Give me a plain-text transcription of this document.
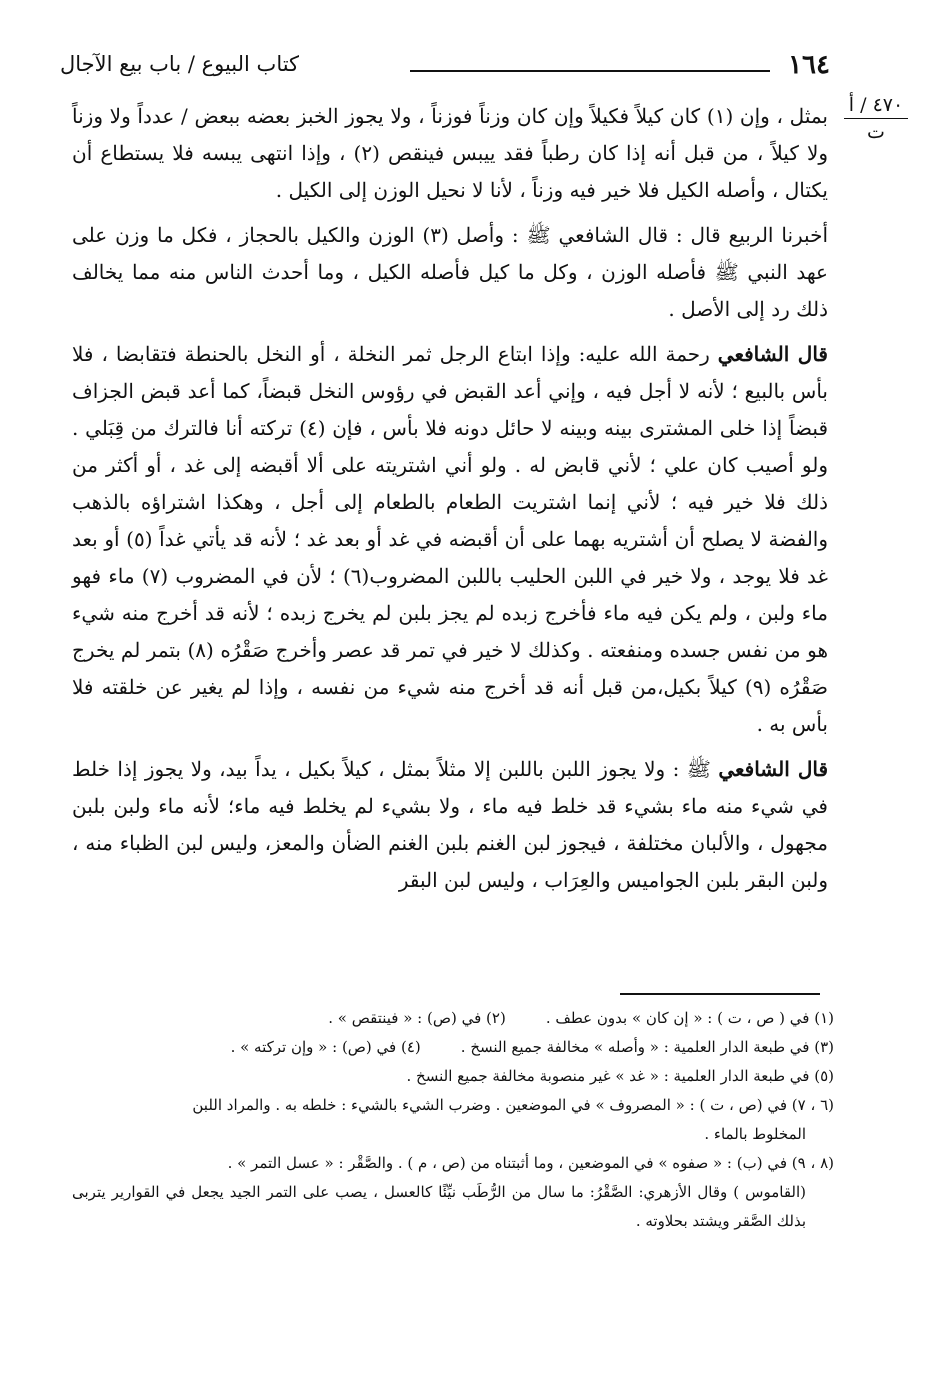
١٦٤
كتاب البيوع / باب بيع الآجال
٤٧٠ / أ
ت

بمثل ، وإن (١) كان كيلاً فكيلاً وإن كان وزناً فوزناً ، ولا يجوز الخبز بعضه ببعض / عدداً ولا وزناً ولا كيلاً ، من قبل أنه إذا كان رطباً فقد ييبس فينقص (٢) ، وإذا انتهى يبسه فلا يستطاع أن يكتال ، وأصله الكيل فلا خير فيه وزناً ، لأنا لا نحيل الوزن إلى الكيل .

أخبرنا الربيع قال : قال الشافعي ﷺ : وأصل (٣) الوزن والكيل بالحجاز ، فكل ما وزن على عهد النبي ﷺ فأصله الوزن ، وكل ما كيل فأصله الكيل ، وما أحدث الناس منه مما يخالف ذلك رد إلى الأصل .

قال الشافعي رحمة الله عليه: وإذا ابتاع الرجل ثمر النخلة ، أو النخل بالحنطة فتقابضا ، فلا بأس بالبيع ؛ لأنه لا أجل فيه ، وإني أعد القبض في رؤوس النخل قبضاً، كما أعد قبض الجزاف قبضاً إذا خلى المشترى بينه وبينه لا حائل دونه فلا بأس ، فإن (٤) تركته أنا فالترك من قِبَلي . ولو أصيب كان علي ؛ لأني قابض له . ولو أني اشتريته على ألا أقبضه إلى غد ، أو أكثر من ذلك فلا خير فيه ؛ لأني إنما اشتريت الطعام بالطعام إلى أجل ، وهكذا اشتراؤه بالذهب والفضة لا يصلح أن أشتريه بهما على أن أقبضه في غد أو بعد غد ؛ لأنه قد يأتي غداً (٥) أو بعد غد فلا يوجد ، ولا خير في اللبن الحليب باللبن المضروب(٦) ؛ لأن في المضروب (٧) ماء فهو ماء ولبن ، ولم يكن فيه ماء فأخرج زبده لم يجز بلبن لم يخرج زبده ؛ لأنه قد أخرج منه شيء هو من نفس جسده ومنفعته . وكذلك لا خير في تمر قد عصر وأخرج صَقْرُه (٨) بتمر لم يخرج صَقْرُه (٩) كيلاً بكيل،من قبل أنه قد أخرج منه شيء من نفسه ، وإذا لم يغير عن خلقته فلا بأس به .

قال الشافعي ﷺ : ولا يجوز اللبن باللبن إلا مثلاً بمثل ، كيلاً بكيل ، يداً بيد، ولا يجوز إذا خلط في شيء منه ماء بشيء قد خلط فيه ماء ، ولا بشيء لم يخلط فيه ماء؛ لأنه ماء ولبن بلبن مجهول ، والألبان مختلفة ، فيجوز لبن الغنم بلبن الغنم الضأن والمعز، وليس لبن الظباء منه ، ولبن البقر بلبن الجواميس والعِرَاب ، وليس لبن البقر

(١) في ( ص ، ت ) : « إن كان » بدون عطف .
(٢) في (ص) : « فينتقص » .
(٣) في طبعة الدار العلمية : « وأصله » مخالفة جميع النسخ .
(٤) في (ص) : « وإن تركته » .
(٥) في طبعة الدار العلمية : « غد » غير منصوبة مخالفة جميع النسخ .
(٦ ، ٧) في (ص ، ت ) : « المصروف » في الموضعين . وضرب الشيء بالشيء : خلطه به . والمراد اللبن
المخلوط بالماء .
(٨ ، ٩) في (ب) : « صفوه » في الموضعين ، وما أثبتناه من (ص ، م ) . والصَّقْر : « عسل التمر » .
(القاموس ) وقال الأزهري: الصَّقْرُ: ما سال من الرُّطَب نيِّئًا كالعسل ، يصب على التمر الجيد يجعل في القوارير يتربى بذلك الصَّقر ويشتد بحلاوته .
